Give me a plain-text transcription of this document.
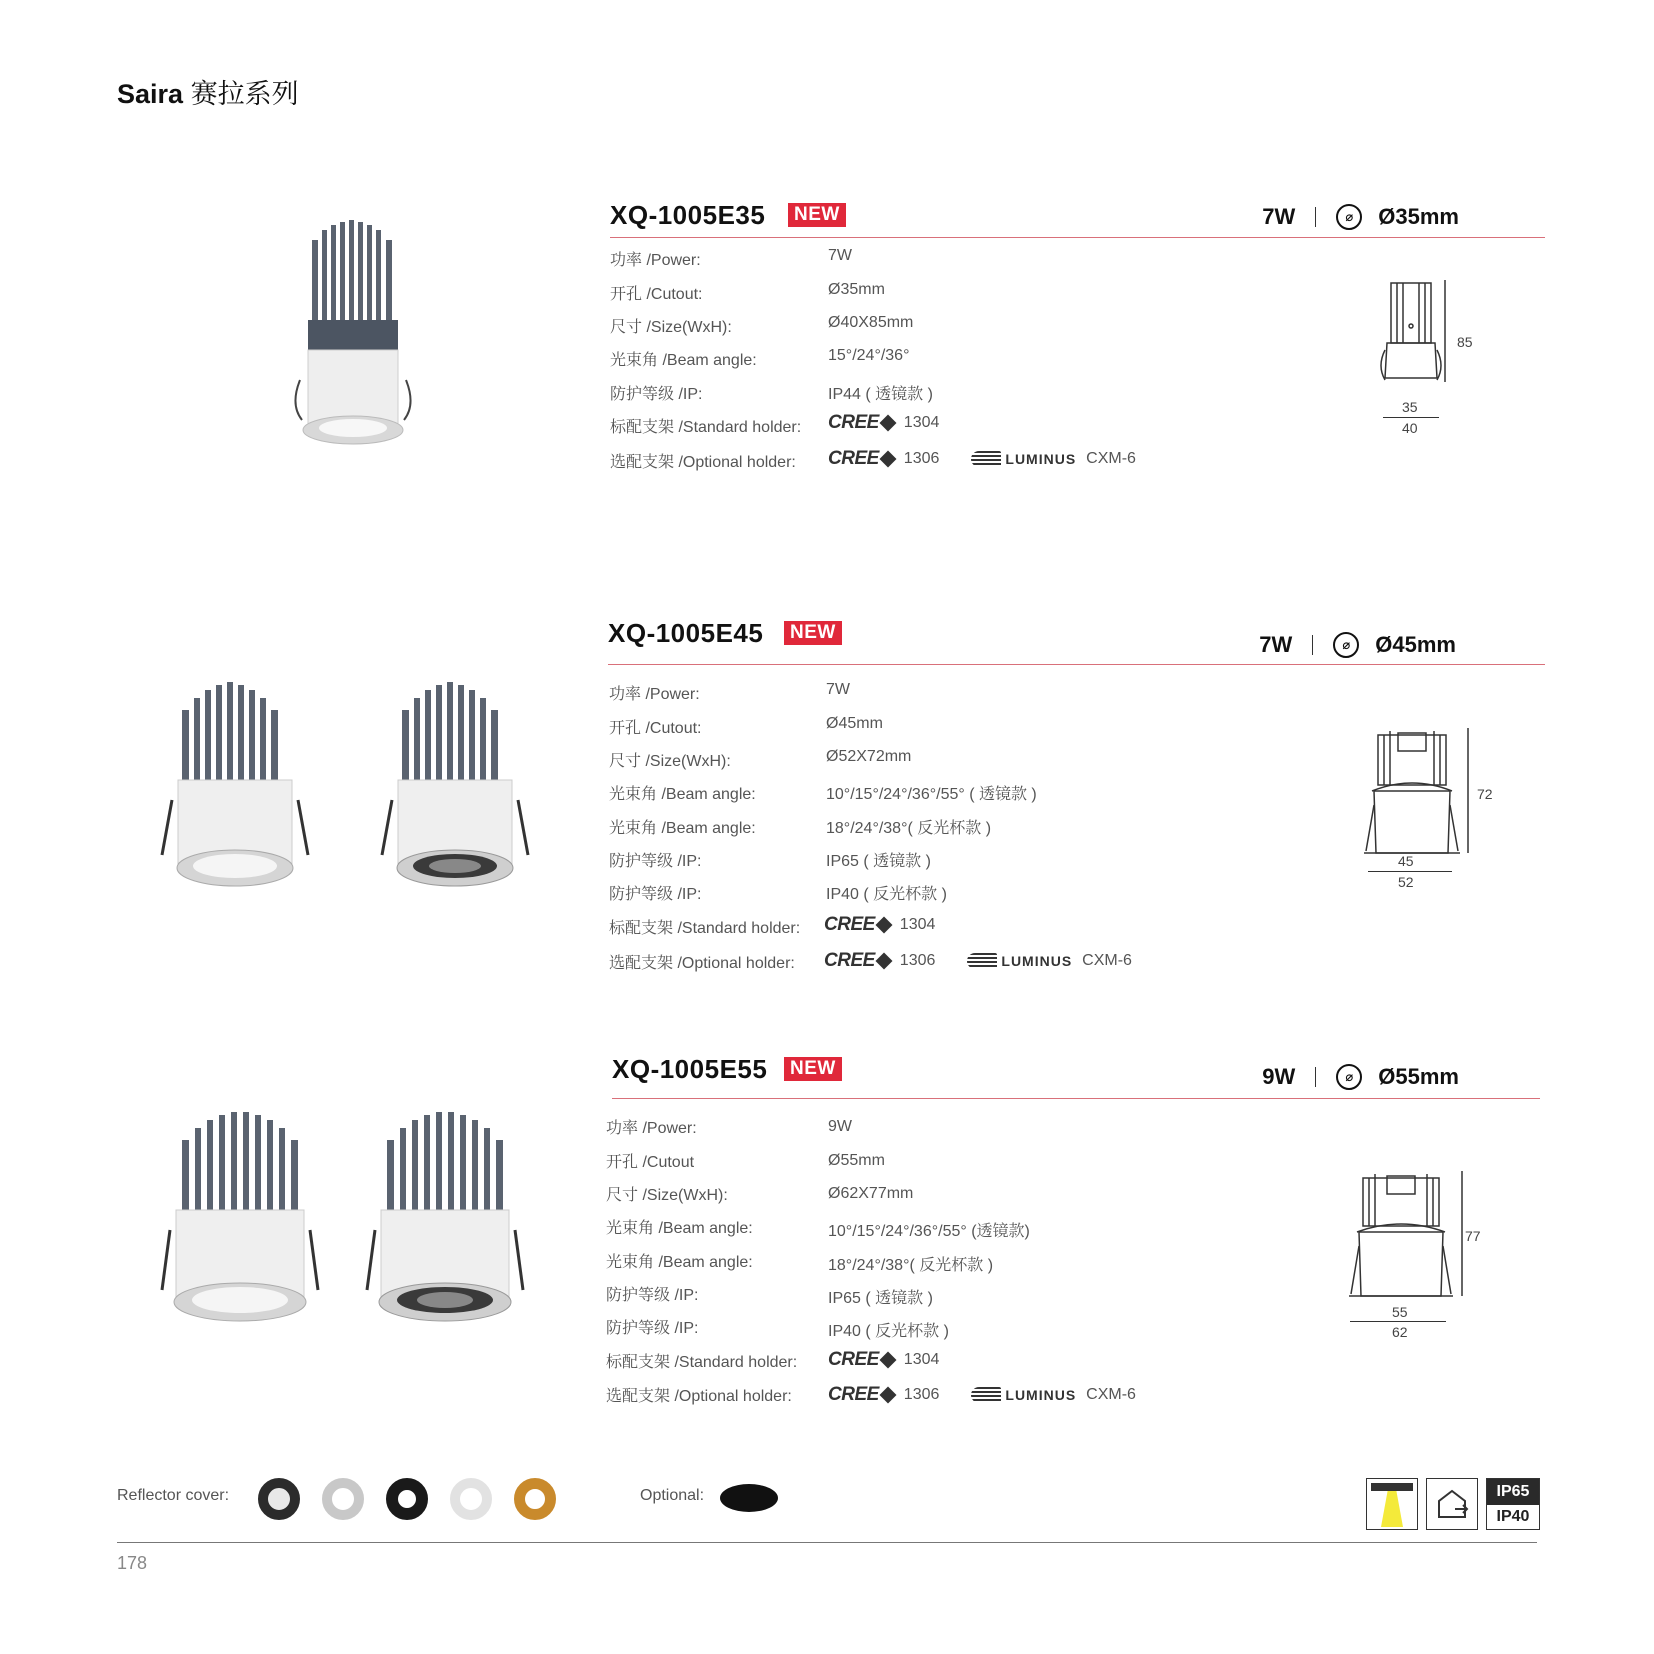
Saira 赛拉系列
XQ-1005E35	NEW	7W	⌀	Ø35mm
功率 /Power:	7W
开孔 /Cutout:	Ø35mm
尺寸 /Size(WxH):	Ø40X85mm
光束角 /Beam angle:	15°/24°/36°
防护等级 /IP:	IP44 ( 透镜款 )
标配支架 /Standard holder: CREE 1304
选配支架 /Optional holder: CREE 1306	LUMINUS CXM-6
85
35
40
XQ-1005E45	NEW	7W	⌀	Ø45mm
功率 /Power:	7W
开孔 /Cutout:	Ø45mm
尺寸 /Size(WxH):	Ø52X72mm
光束角 /Beam angle:	10°/15°/24°/36°/55° ( 透镜款 )
光束角 /Beam angle:	18°/24°/38°( 反光杯款 )
防护等级 /IP:	IP65 ( 透镜款 )
防护等级 /IP:	IP40 ( 反光杯款 )
标配支架 /Standard holder: CREE 1304
选配支架 /Optional holder: CREE 1306	LUMINUS CXM-6
72
45
52
XQ-1005E55	NEW	9W	⌀	Ø55mm
功率 /Power:	9W
开孔 /Cutout	Ø55mm
尺寸 /Size(WxH):	Ø62X77mm
光束角 /Beam angle:	10°/15°/24°/36°/55° (透镜款)
光束角 /Beam angle:	18°/24°/38°( 反光杯款 )
防护等级 /IP:	IP65 ( 透镜款 )
防护等级 /IP:	IP40 ( 反光杯款 )
标配支架 /Standard holder: CREE 1304
选配支架 /Optional holder: CREE 1306	LUMINUS CXM-6
77
55
62
Reflector cover:	Optional:	IP65
IP40
178
